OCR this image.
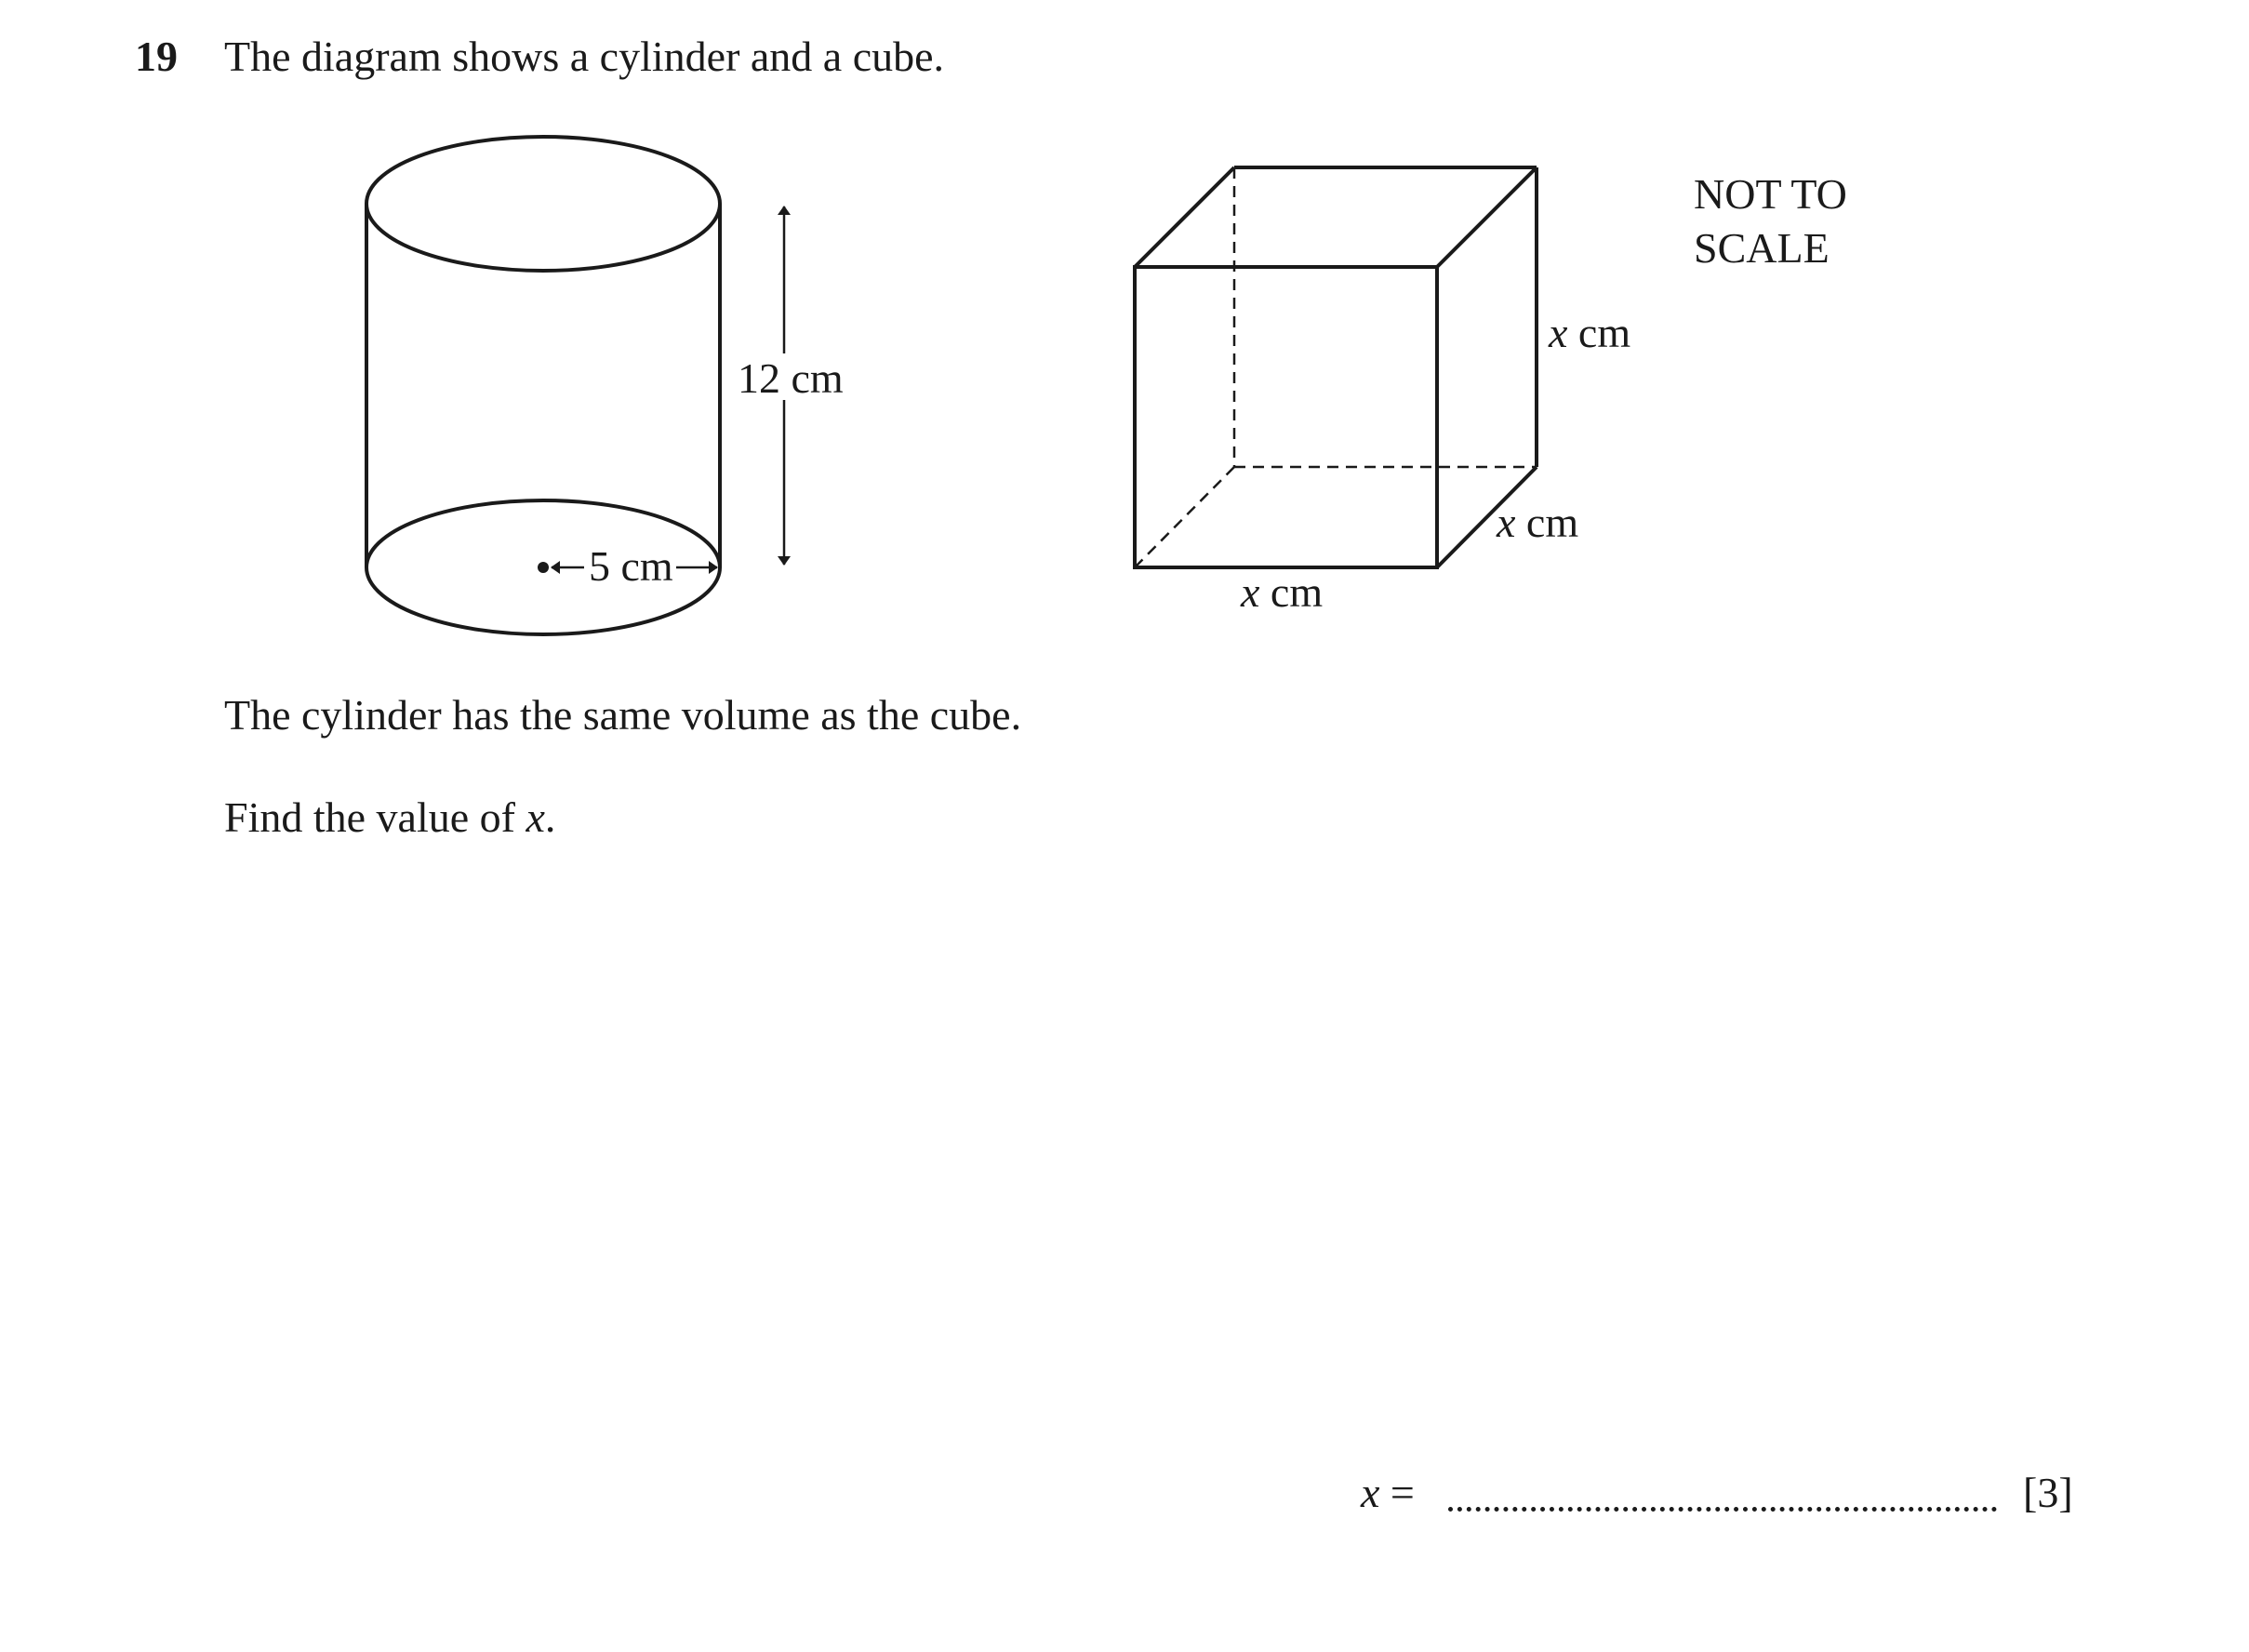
19 The diagram shows a cylinder and a cube.
12 cm
5 cm
x cm
x cm
x cm
NOT TO
SCALE
The cylinder has the same volume as the cube.
Find the value of x.
x =	[3]
